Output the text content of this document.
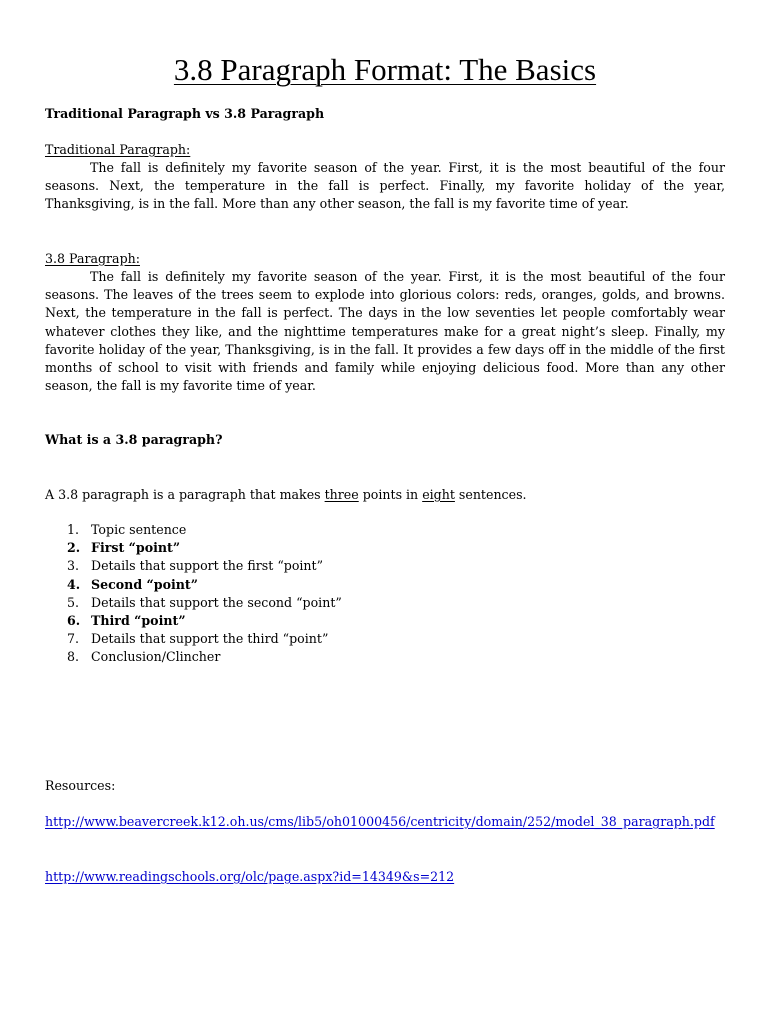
3.8 Paragraph Format: The Basics
Traditional Paragraph vs 3.8 Paragraph
Traditional Paragraph:

The fall is definitely my favorite season of the year. First, it is the most beautiful of the four seasons. Next, the temperature in the fall is perfect. Finally, my favorite holiday of the year, Thanksgiving, is in the fall. More than any other season, the fall is my favorite time of year.

3.8 Paragraph:

The fall is definitely my favorite season of the year. First, it is the most beautiful of the four seasons. The leaves of the trees seem to explode into glorious colors: reds, oranges, golds, and browns. Next, the temperature in the fall is perfect. The days in the low seventies let people comfortably wear whatever clothes they like, and the nighttime temperatures make for a great night’s sleep. Finally, my favorite holiday of the year, Thanksgiving, is in the fall. It provides a few days off in the middle of the first months of school to visit with friends and family while enjoying delicious food. More than any other season, the fall is my favorite time of year.

What is a 3.8 paragraph?
A 3.8 paragraph is a paragraph that makes three points in eight sentences.
1. Topic sentence
2. First “point”
3. Details that support the first “point”
4. Second “point”
5. Details that support the second “point”
6. Third “point”
7. Details that support the third “point”
8. Conclusion/Clincher
Resources:
http://www.beavercreek.k12.oh.us/cms/lib5/oh01000456/centricity/domain/252/model_38_paragraph.pdf
http://www.readingschools.org/olc/page.aspx?id=14349&s=212
